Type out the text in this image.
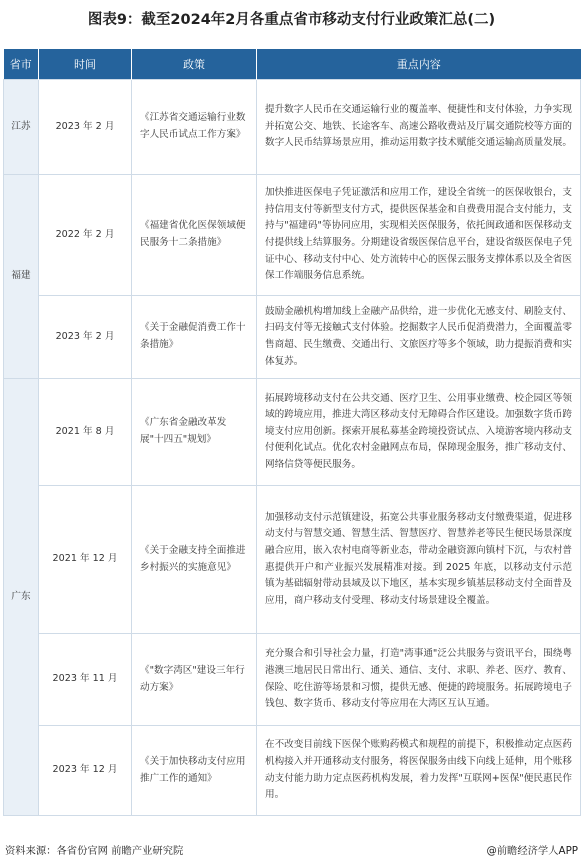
图表9：截至2024年2月各重点省市移动支付行业政策汇总(二)
省市	时间	政策	重点内容
江苏	2023 年 2 月	《江苏省交通运输行业数字人民币试点工作方案》	提升数字人民币在交通运输行业的覆盖率、便捷性和支付体验，力争实现并拓宽公交、地铁、长途客车、高速公路收费站及厅属交通院校等方面的数字人民币结算场景应用，推动运用数字技术赋能交通运输高质量发展。
福建	2022 年 2 月	《福建省优化医保领域便民服务十二条措施》	加快推进医保电子凭证激活和应用工作，建设全省统一的医保收银台，支持信用支付等新型支付方式，提供医保基金和自费费用混合支付能力，支持与"福建码"等协同应用，实现相关医保服务，依托闽政通和医保移动支付提供线上结算服务。分期建设省级医保信息平台，建设省级医保电子凭证中心、移动支付中心、处方流转中心的医保云服务支撑体系以及全省医保工作端服务信息系统。
	2023 年 2 月	《关于金融促消费工作十条措施》	鼓励金融机构增加线上金融产品供给，进一步优化无感支付、刷脸支付、扫码支付等无接触式支付体验。挖掘数字人民币促消费潜力，全面覆盖零售商超、民生缴费、交通出行、文旅医疗等多个领域，助力提振消费和实体复苏。
广东	2021 年 8 月	《广东省金融改革发展"十四五"规划》	拓展跨境移动支付在公共交通、医疗卫生、公用事业缴费、校企园区等领域的跨境应用，推进大湾区移动支付无障碍合作区建设。加强数字货币跨境支付应用创新。探索开展私募基金跨境投资试点、入境游客境内移动支付便利化试点。优化农村金融网点布局，保障现金服务，推广移动支付、网络信贷等便民服务。
	2021 年 12 月	《关于金融支持全面推进乡村振兴的实施意见》	加强移动支付示范镇建设，拓宽公共事业服务移动支付缴费渠道，促进移动支付与智慧交通、智慧生活、智慧医疗、智慧养老等民生便民场景深度融合应用，嵌入农村电商等新业态，带动金融资源向镇村下沉，与农村普惠提供开户和产业振兴发展精准对接。到 2025 年底，以移动支付示范镇为基础辐射带动县域及以下地区，基本实现乡镇基层移动支付全面普及应用，商户移动支付受理、移动支付场景建设全覆盖。
	2023 年 11 月	《"数字湾区"建设三年行动方案》	充分聚合和引导社会力量，打造"湾事通"泛公共服务与资讯平台，围绕粤港澳三地居民日常出行、通关、通信、支付、求职、养老、医疗、教育、保险、吃住游等场景和习惯，提供无感、便捷的跨境服务。拓展跨境电子钱包、数字货币、移动支付等应用在大湾区互认互通。
	2023 年 12 月	《关于加快移动支付应用推广工作的通知》	在不改变目前线下医保个账购药模式和规程的前提下，积极推动定点医药机构接入并开通移动支付服务，将医保服务由线下向线上延伸，用个账移动支付能力助力定点医药机构发展，着力发挥"互联网+医保"便民惠民作用。
资料来源：各省份官网 前瞻产业研究院	@前瞻经济学人APP
